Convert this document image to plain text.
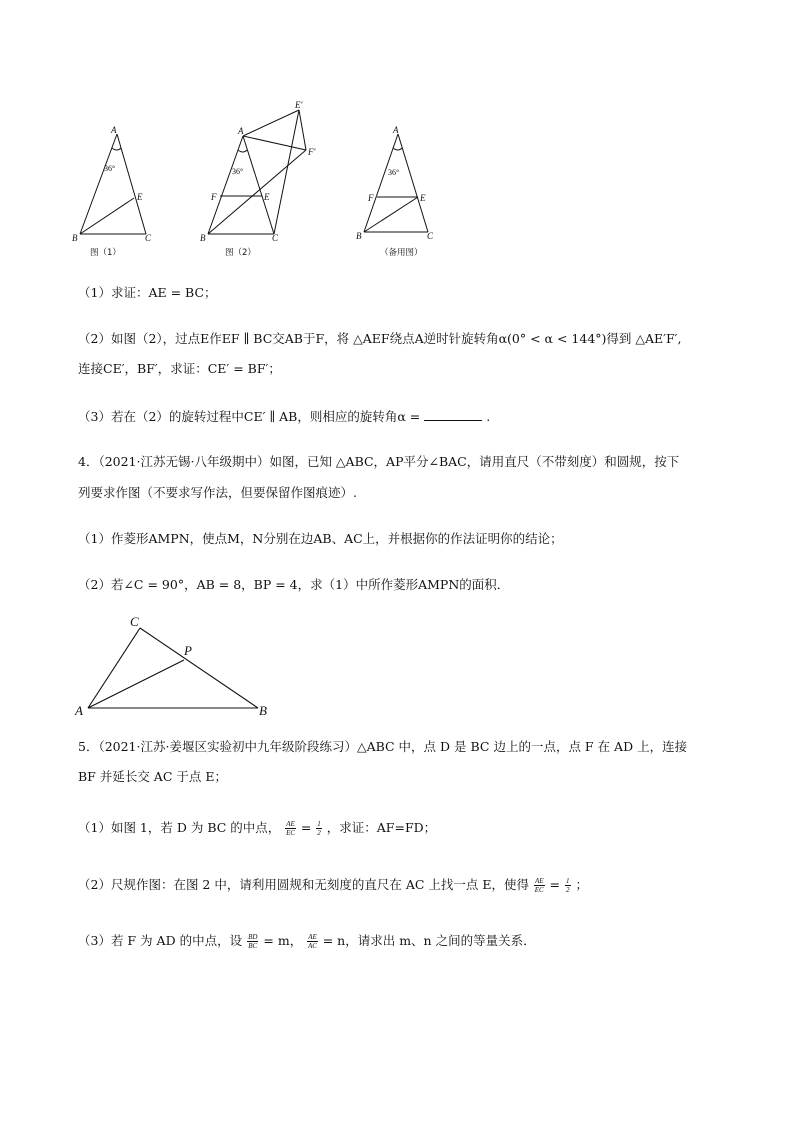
A
B	C
E
36°
图（1）
A
B	C
E
F
E'
F'
36°
图（2）
A
B	C
E
F
36°
（备用图）
（1）求证：AE = BC；
（2）如图（2），过点E作EF ∥ BC交AB于F，将 △AEF绕点A逆时针旋转角α(0° < α < 144°)得到 △AE′F′,
连接CE′，BF′，求证：CE′ = BF′；
（3）若在（2）的旋转过程中CE′ ∥ AB，则相应的旋转角α =	.
4．（2021·江苏无锡·八年级期中）如图，已知 △ABC，AP平分∠BAC，请用直尺（不带刻度）和圆规，按下
列要求作图（不要求写作法，但要保留作图痕迹）.
（1）作菱形AMPN，使点M，N分别在边AB、AC上，并根据你的作法证明你的结论；
（2）若∠C = 90°，AB = 8，BP = 4，求（1）中所作菱形AMPN的面积．
C
P
A	B
5．（2021·江苏·姜堰区实验初中九年级阶段练习）△ABC 中，点 D 是 BC 边上的一点，点 F 在 AD 上，连接
BF 并延长交 AC 于点 E；
（1）如图 1，若 D 为 BC 的中点， $\frac{AE}{EC} = \frac{1}{2}$ ，求证：AF=FD；
（2）尺规作图：在图 2 中，请利用圆规和无刻度的直尺在 AC 上找一点 E，使得 $\frac{AE}{EC} = \frac{1}{2}$ ；
（3）若 F 为 AD 的中点，设 $\frac{BD}{BC} = m$， $\frac{AE}{AC} = n$，请求出 m、n 之间的等量关系．
